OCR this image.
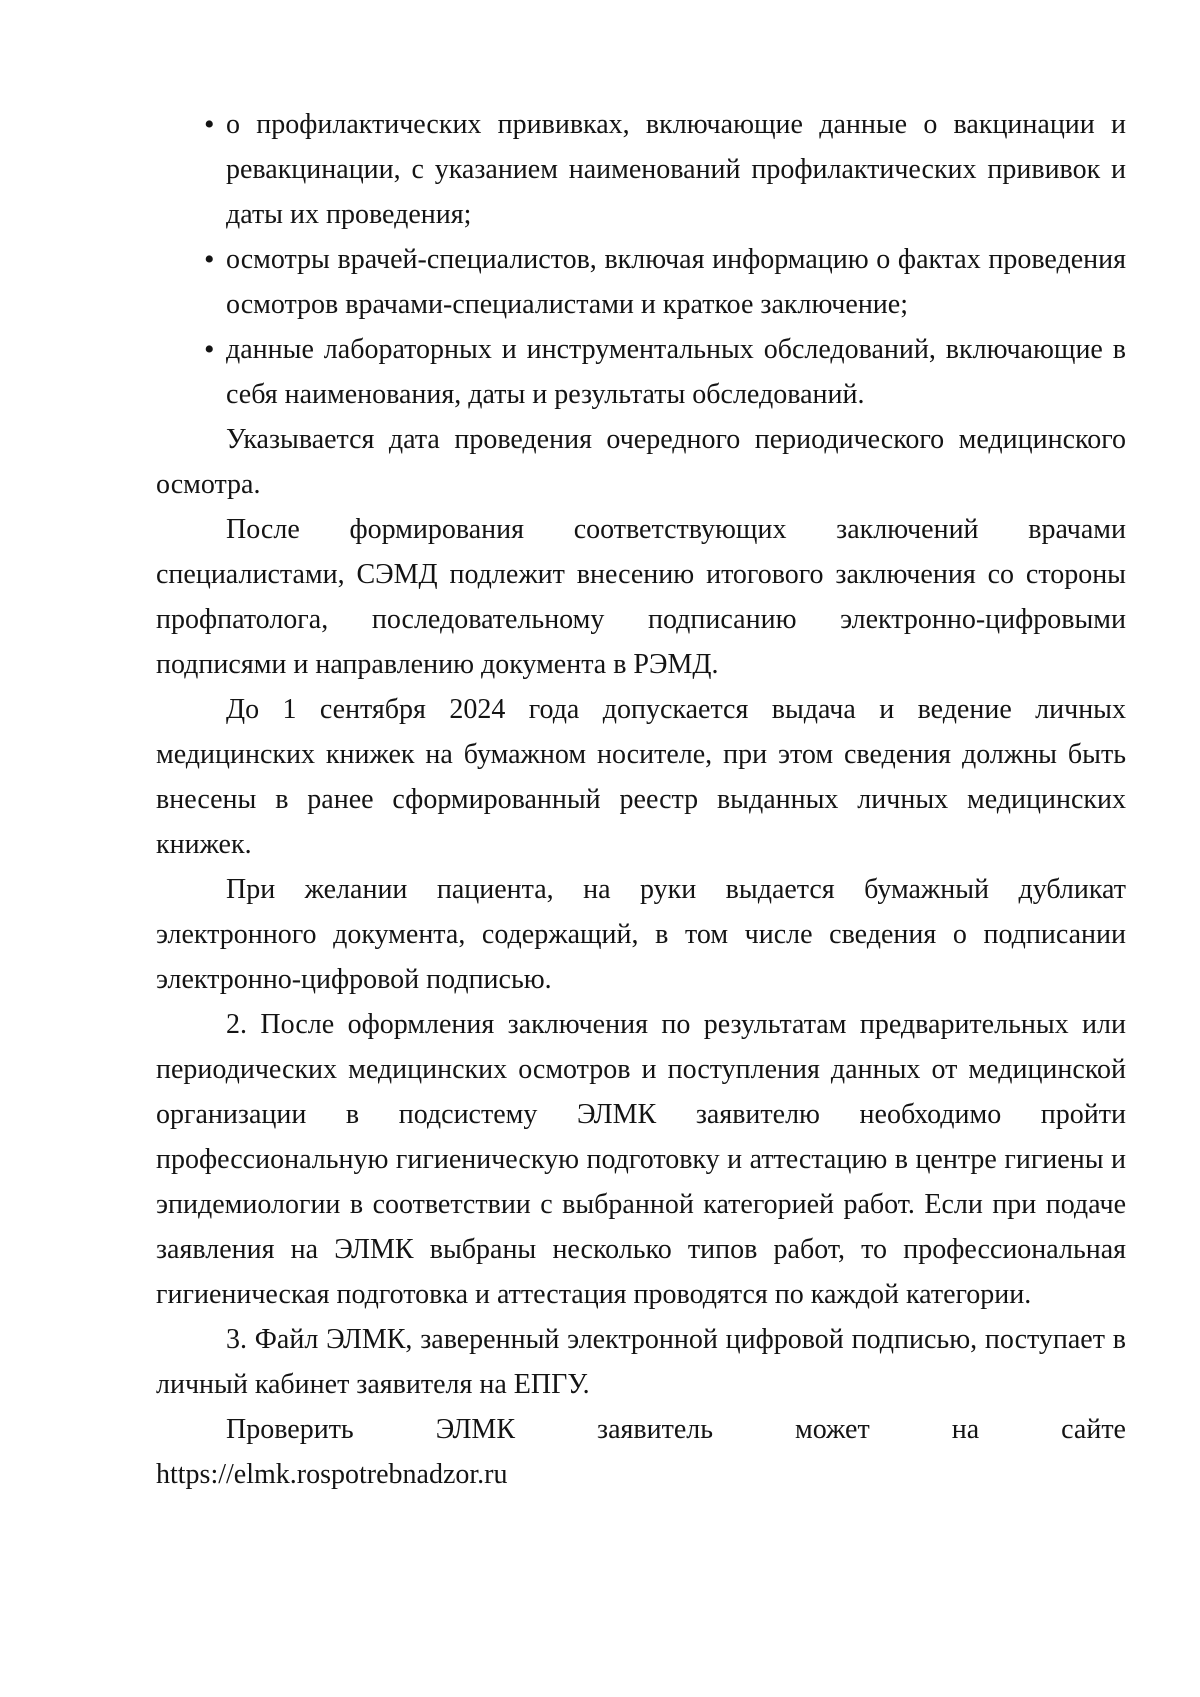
• о профилактических прививках, включающие данные о вакцинации и ревакцинации, с указанием наименований профилактических прививок и даты их проведения;
• осмотры врачей-специалистов, включая информацию о фактах проведения осмотров врачами-специалистами и краткое заключение;
• данные лабораторных и инструментальных обследований, включающие в себя наименования, даты и результаты обследований.

Указывается дата проведения очередного периодического медицинского осмотра.

После формирования соответствующих заключений врачами специалистами, СЭМД подлежит внесению итогового заключения со стороны профпатолога, последовательному подписанию электронно-цифровыми подписями и направлению документа в РЭМД.

До 1 сентября 2024 года допускается выдача и ведение личных медицинских книжек на бумажном носителе, при этом сведения должны быть внесены в ранее сформированный реестр выданных личных медицинских книжек.

При желании пациента, на руки выдается бумажный дубликат электронного документа, содержащий, в том числе сведения о подписании электронно-цифровой подписью.

2. После оформления заключения по результатам предварительных или периодических медицинских осмотров и поступления данных от медицинской организации в подсистему ЭЛМК заявителю необходимо пройти профессиональную гигиеническую подготовку и аттестацию в центре гигиены и эпидемиологии в соответствии с выбранной категорией работ. Если при подаче заявления на ЭЛМК выбраны несколько типов работ, то профессиональная гигиеническая подготовка и аттестация проводятся по каждой категории.

3. Файл ЭЛМК, заверенный электронной цифровой подписью, поступает в личный кабинет заявителя на ЕПГУ.

Проверить ЭЛМК заявитель может на сайте

https://elmk.rospotrebnadzor.ru
